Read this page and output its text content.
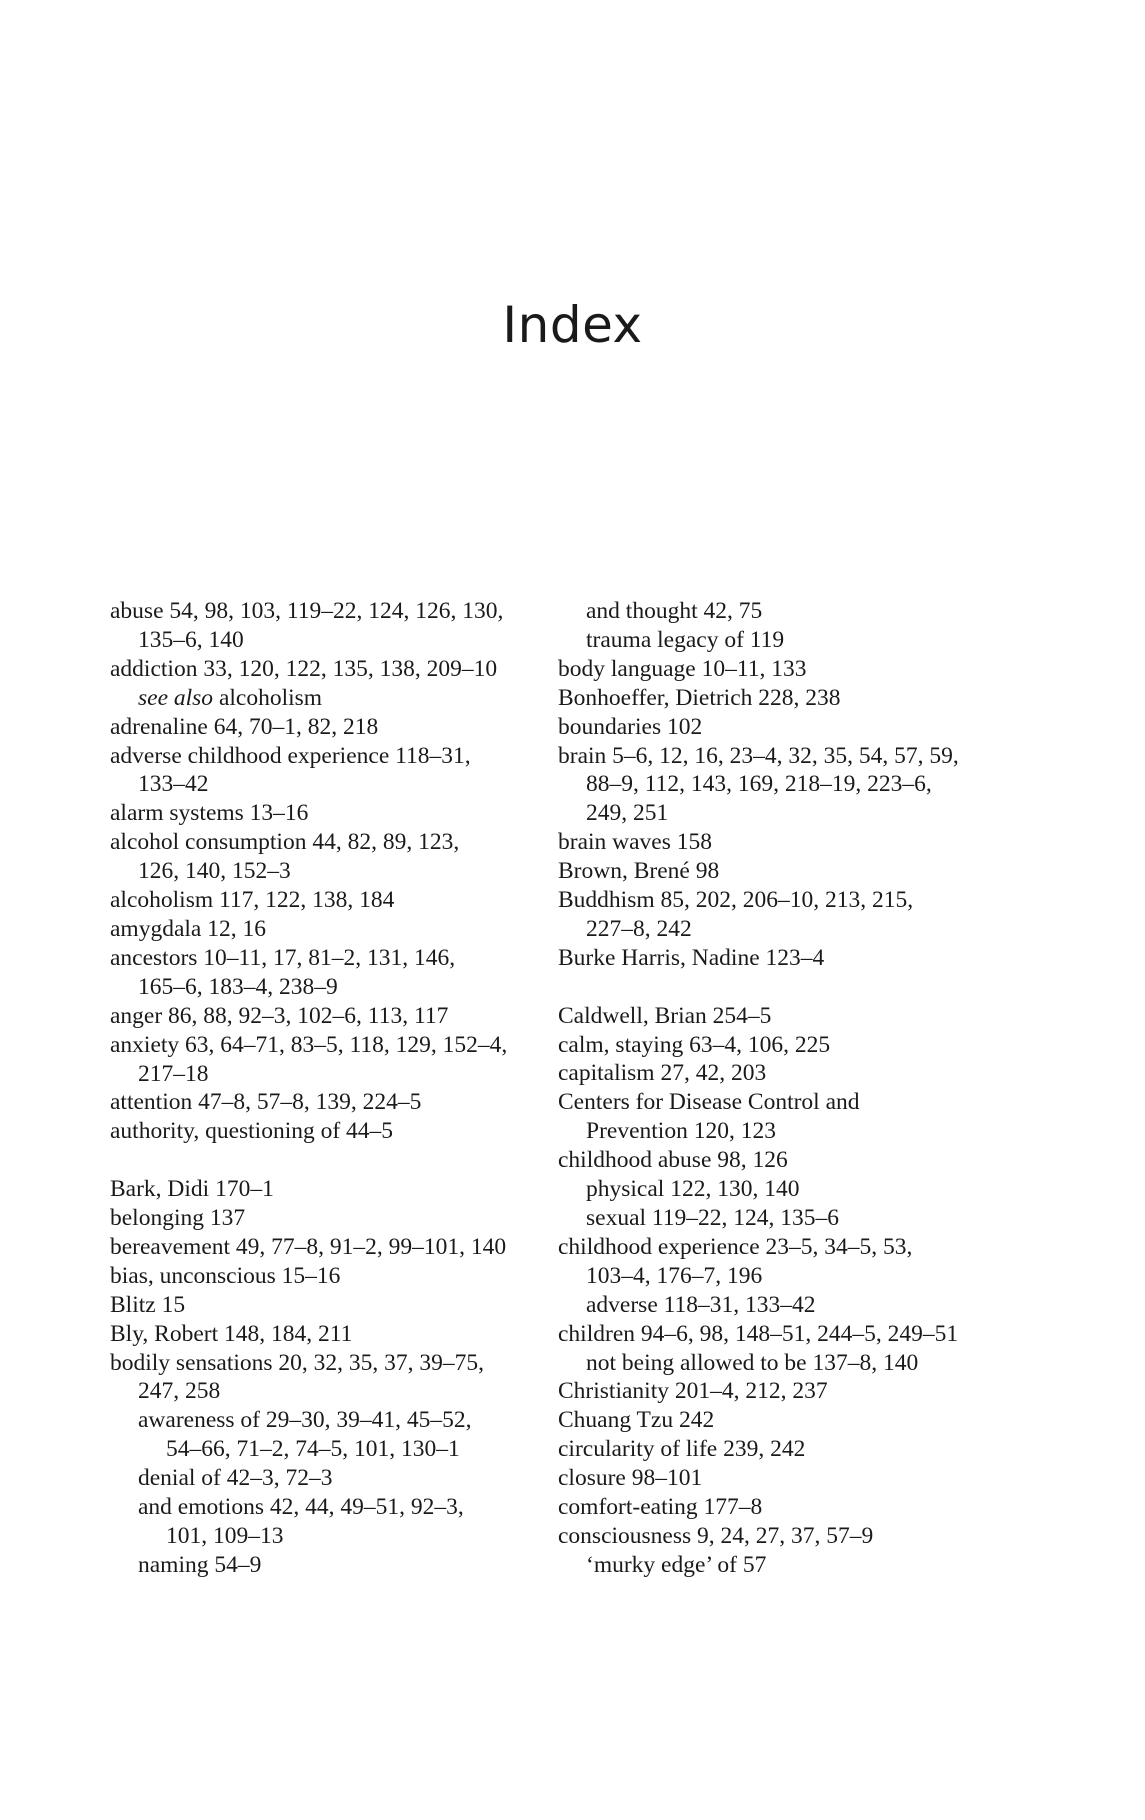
Index
abuse 54, 98, 103, 119–22, 124, 126, 130,
135–6, 140
addiction 33, 120, 122, 135, 138, 209–10
see also alcoholism
adrenaline 64, 70–1, 82, 218
adverse childhood experience 118–31,
133–42
alarm systems 13–16
alcohol consumption 44, 82, 89, 123,
126, 140, 152–3
alcoholism 117, 122, 138, 184
amygdala 12, 16
ancestors 10–11, 17, 81–2, 131, 146,
165–6, 183–4, 238–9
anger 86, 88, 92–3, 102–6, 113, 117
anxiety 63, 64–71, 83–5, 118, 129, 152–4,
217–18
attention 47–8, 57–8, 139, 224–5
authority, questioning of 44–5
Bark, Didi 170–1
belonging 137
bereavement 49, 77–8, 91–2, 99–101, 140
bias, unconscious 15–16
Blitz 15
Bly, Robert 148, 184, 211
bodily sensations 20, 32, 35, 37, 39–75,
247, 258
awareness of 29–30, 39–41, 45–52,
54–66, 71–2, 74–5, 101, 130–1
denial of 42–3, 72–3
and emotions 42, 44, 49–51, 92–3,
101, 109–13
naming 54–9
and thought 42, 75
trauma legacy of 119
body language 10–11, 133
Bonhoeffer, Dietrich 228, 238
boundaries 102
brain 5–6, 12, 16, 23–4, 32, 35, 54, 57, 59,
88–9, 112, 143, 169, 218–19, 223–6,
249, 251
brain waves 158
Brown, Brené 98
Buddhism 85, 202, 206–10, 213, 215,
227–8, 242
Burke Harris, Nadine 123–4
Caldwell, Brian 254–5
calm, staying 63–4, 106, 225
capitalism 27, 42, 203
Centers for Disease Control and
Prevention 120, 123
childhood abuse 98, 126
physical 122, 130, 140
sexual 119–22, 124, 135–6
childhood experience 23–5, 34–5, 53,
103–4, 176–7, 196
adverse 118–31, 133–42
children 94–6, 98, 148–51, 244–5, 249–51
not being allowed to be 137–8, 140
Christianity 201–4, 212, 237
Chuang Tzu 242
circularity of life 239, 242
closure 98–101
comfort-eating 177–8
consciousness 9, 24, 27, 37, 57–9
‘murky edge’ of 57
